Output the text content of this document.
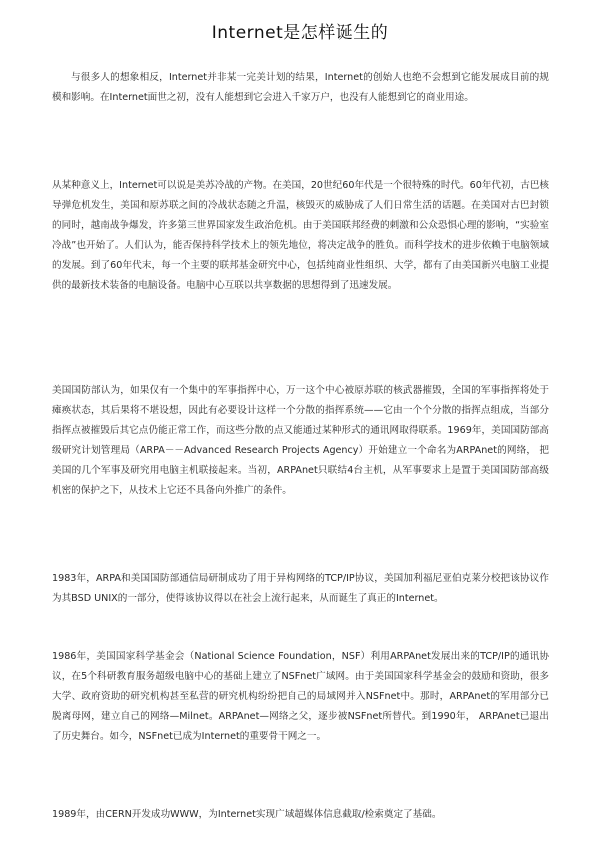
Internet是怎样诞生的

与很多人的想象相反，Internet并非某一完美计划的结果，Internet的创始人也绝不会想到它能发展成目前的规模和影响。在Internet面世之初，没有人能想到它会进入千家万户，也没有人能想到它的商业用途。

从某种意义上，Internet可以说是美苏冷战的产物。在美国，20世纪60年代是一个很特殊的时代。60年代初，古巴核导弹危机发生，美国和原苏联之间的冷战状态随之升温，核毁灭的威胁成了人们日常生活的话题。在美国对古巴封锁的同时，越南战争爆发，许多第三世界国家发生政治危机。由于美国联邦经费的刺激和公众恐惧心理的影响，“实验室冷战”也开始了。人们认为，能否保持科学技术上的领先地位，将决定战争的胜负。而科学技术的进步依赖于电脑领域的发展。到了60年代末，每一个主要的联邦基金研究中心，包括纯商业性组织、大学，都有了由美国新兴电脑工业提供的最新技术装备的电脑设备。电脑中心互联以共享数据的思想得到了迅速发展。

美国国防部认为，如果仅有一个集中的军事指挥中心，万一这个中心被原苏联的核武器摧毁，全国的军事指挥将处于瘫痪状态，其后果将不堪设想，因此有必要设计这样一个分散的指挥系统——它由一个个分散的指挥点组成，当部分指挥点被摧毁后其它点仍能正常工作，而这些分散的点又能通过某种形式的通讯网取得联系。1969年，美国国防部高级研究计划管理局（ARPA－－Advanced Research Projects Agency）开始建立一个命名为ARPAnet的网络， 把美国的几个军事及研究用电脑主机联接起来。当初，ARPAnet只联结4台主机，从军事要求上是置于美国国防部高级机密的保护之下，从技术上它还不具备向外推广的条件。

1983年，ARPA和美国国防部通信局研制成功了用于异构网络的TCP/IP协议，美国加利福尼亚伯克莱分校把该协议作为其BSD UNIX的一部分，使得该协议得以在社会上流行起来，从而诞生了真正的Internet。

1986年，美国国家科学基金会（National Science Foundation，NSF）利用ARPAnet发展出来的TCP/IP的通讯协议，在5个科研教育服务超级电脑中心的基础上建立了NSFnet广域网。由于美国国家科学基金会的鼓励和资助，很多大学、政府资助的研究机构甚至私营的研究机构纷纷把自己的局域网并入NSFnet中。那时，ARPAnet的军用部分已脱离母网，建立自己的网络—Milnet。ARPAnet—网络之父，逐步被NSFnet所替代。到1990年， ARPAnet已退出了历史舞台。如今，NSFnet已成为Internet的重要骨干网之一。

1989年，由CERN开发成功WWW，为Internet实现广域超媒体信息截取/检索奠定了基础。
